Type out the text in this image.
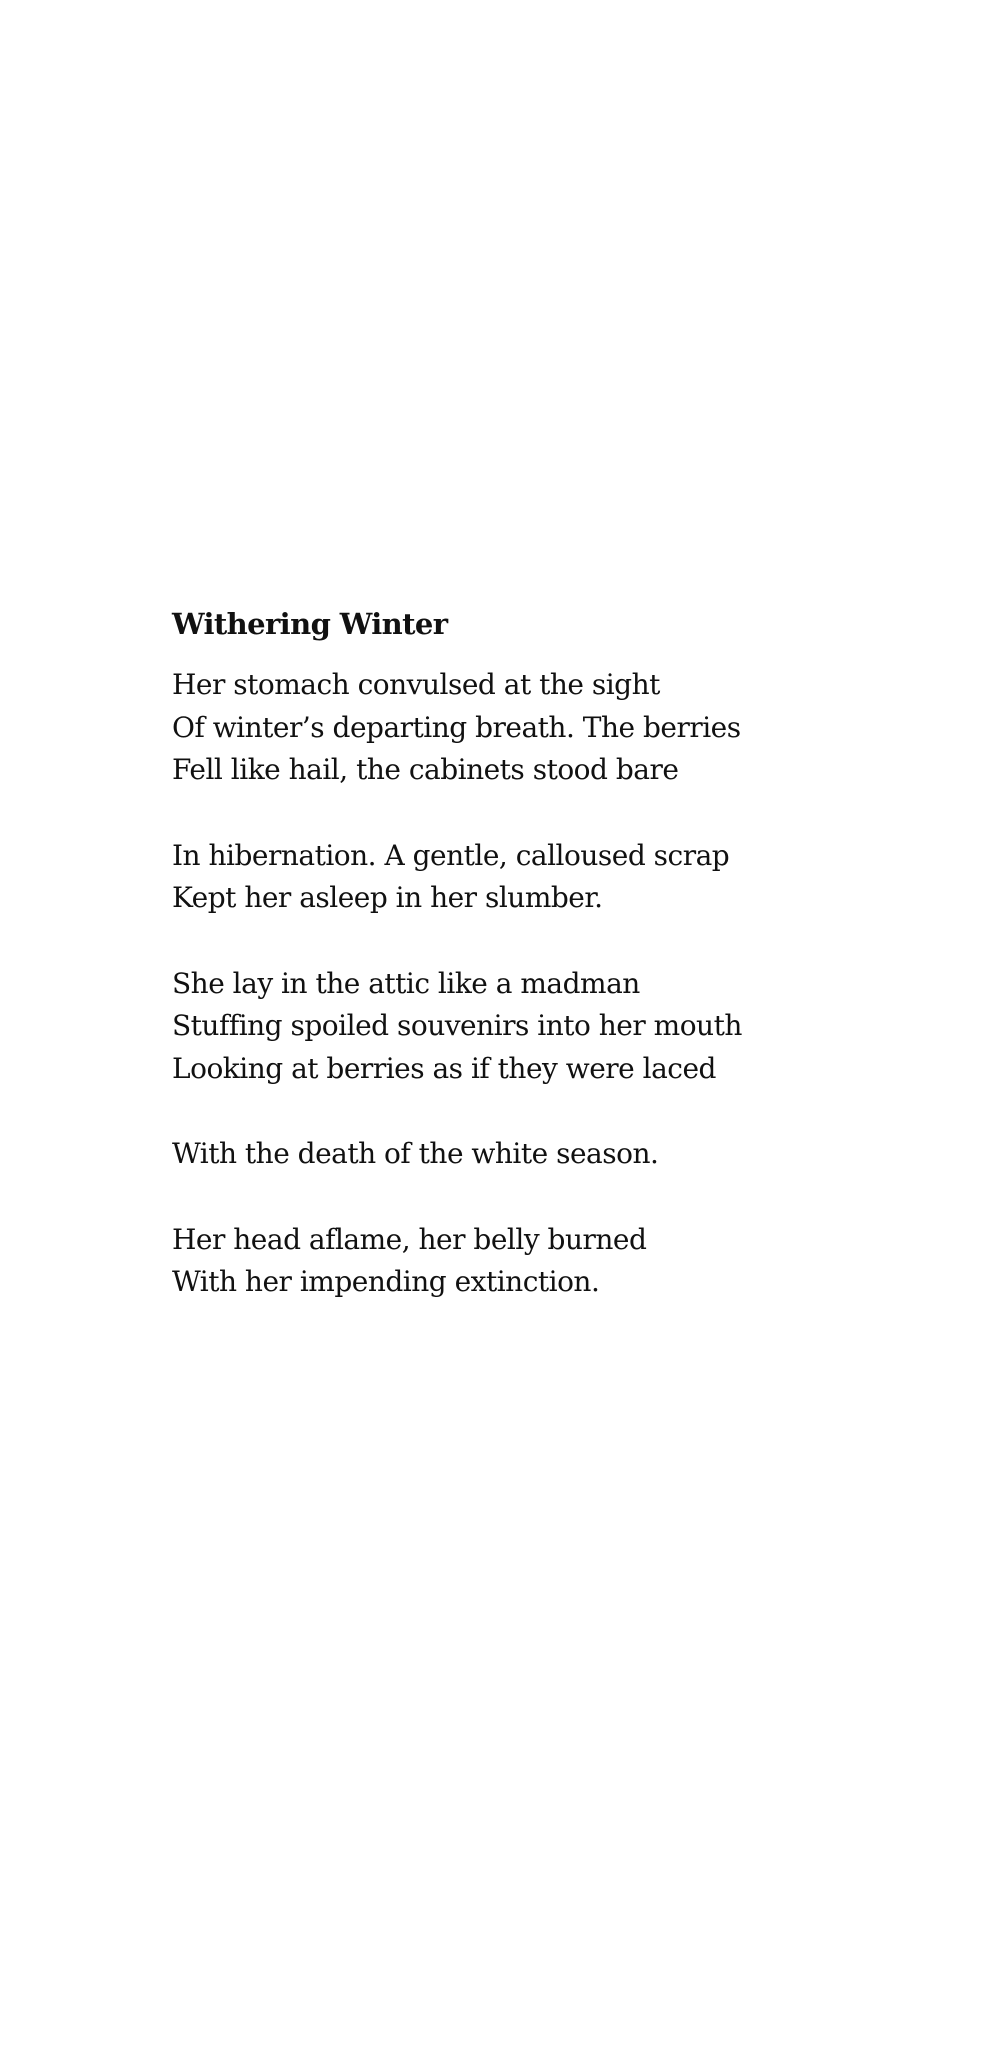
Withering Winter
Her stomach convulsed at the sight
Of winter’s departing breath. The berries
Fell like hail, the cabinets stood bare
In hibernation. A gentle, calloused scrap
Kept her asleep in her slumber.
She lay in the attic like a madman
Stuffing spoiled souvenirs into her mouth
Looking at berries as if they were laced
With the death of the white season.
Her head aflame, her belly burned
With her impending extinction.
